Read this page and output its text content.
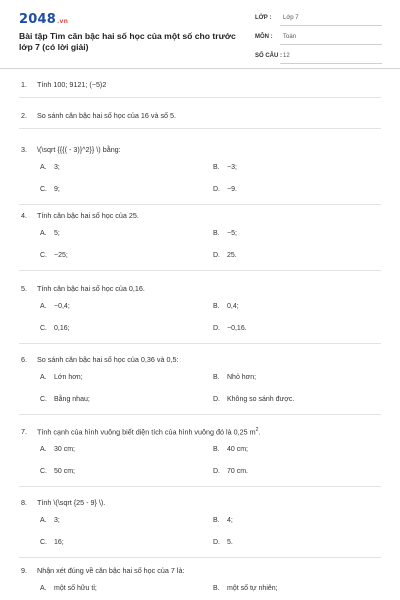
2048.vn
Bài tập Tìm căn bậc hai số học của một số cho trước lớp 7 (có lời giải)
LỚP : Lớp 7
MÔN : Toán
SỐ CÂU : 12
1. Tính 100; 9121; (−5)2
2. So sánh căn bậc hai số học của 16 và số 5.
3. \(\sqrt {{{( - 3)}^2}} \) bằng:
A. 3;	B. −3;
C. 9;	D. −9.
4. Tính căn bậc hai số học của 25.
A. 5;	B. −5;
C. −25;	D. 25.
5. Tính căn bậc hai số học của 0,16.
A. −0,4;	B. 0,4;
C. 0,16;	D. −0,16.
6. So sánh căn bậc hai số học của 0,36 và 0,5:
A. Lớn hơn;	B. Nhỏ hơn;
C. Bằng nhau;	D. Không so sánh được.
7. Tính cạnh của hình vuông biết diện tích của hình vuông đó là 0,25 $m^2$.
A. 30 cm;	B. 40 cm;
C. 50 cm;	D. 70 cm.
8. Tính \(\sqrt {25 - 9} \).
A. 3;	B. 4;
C. 16;	D. 5.
9. Nhận xét đúng về căn bậc hai số học của 7 là:
A. một số hữu tỉ;	B. một số tự nhiên;
